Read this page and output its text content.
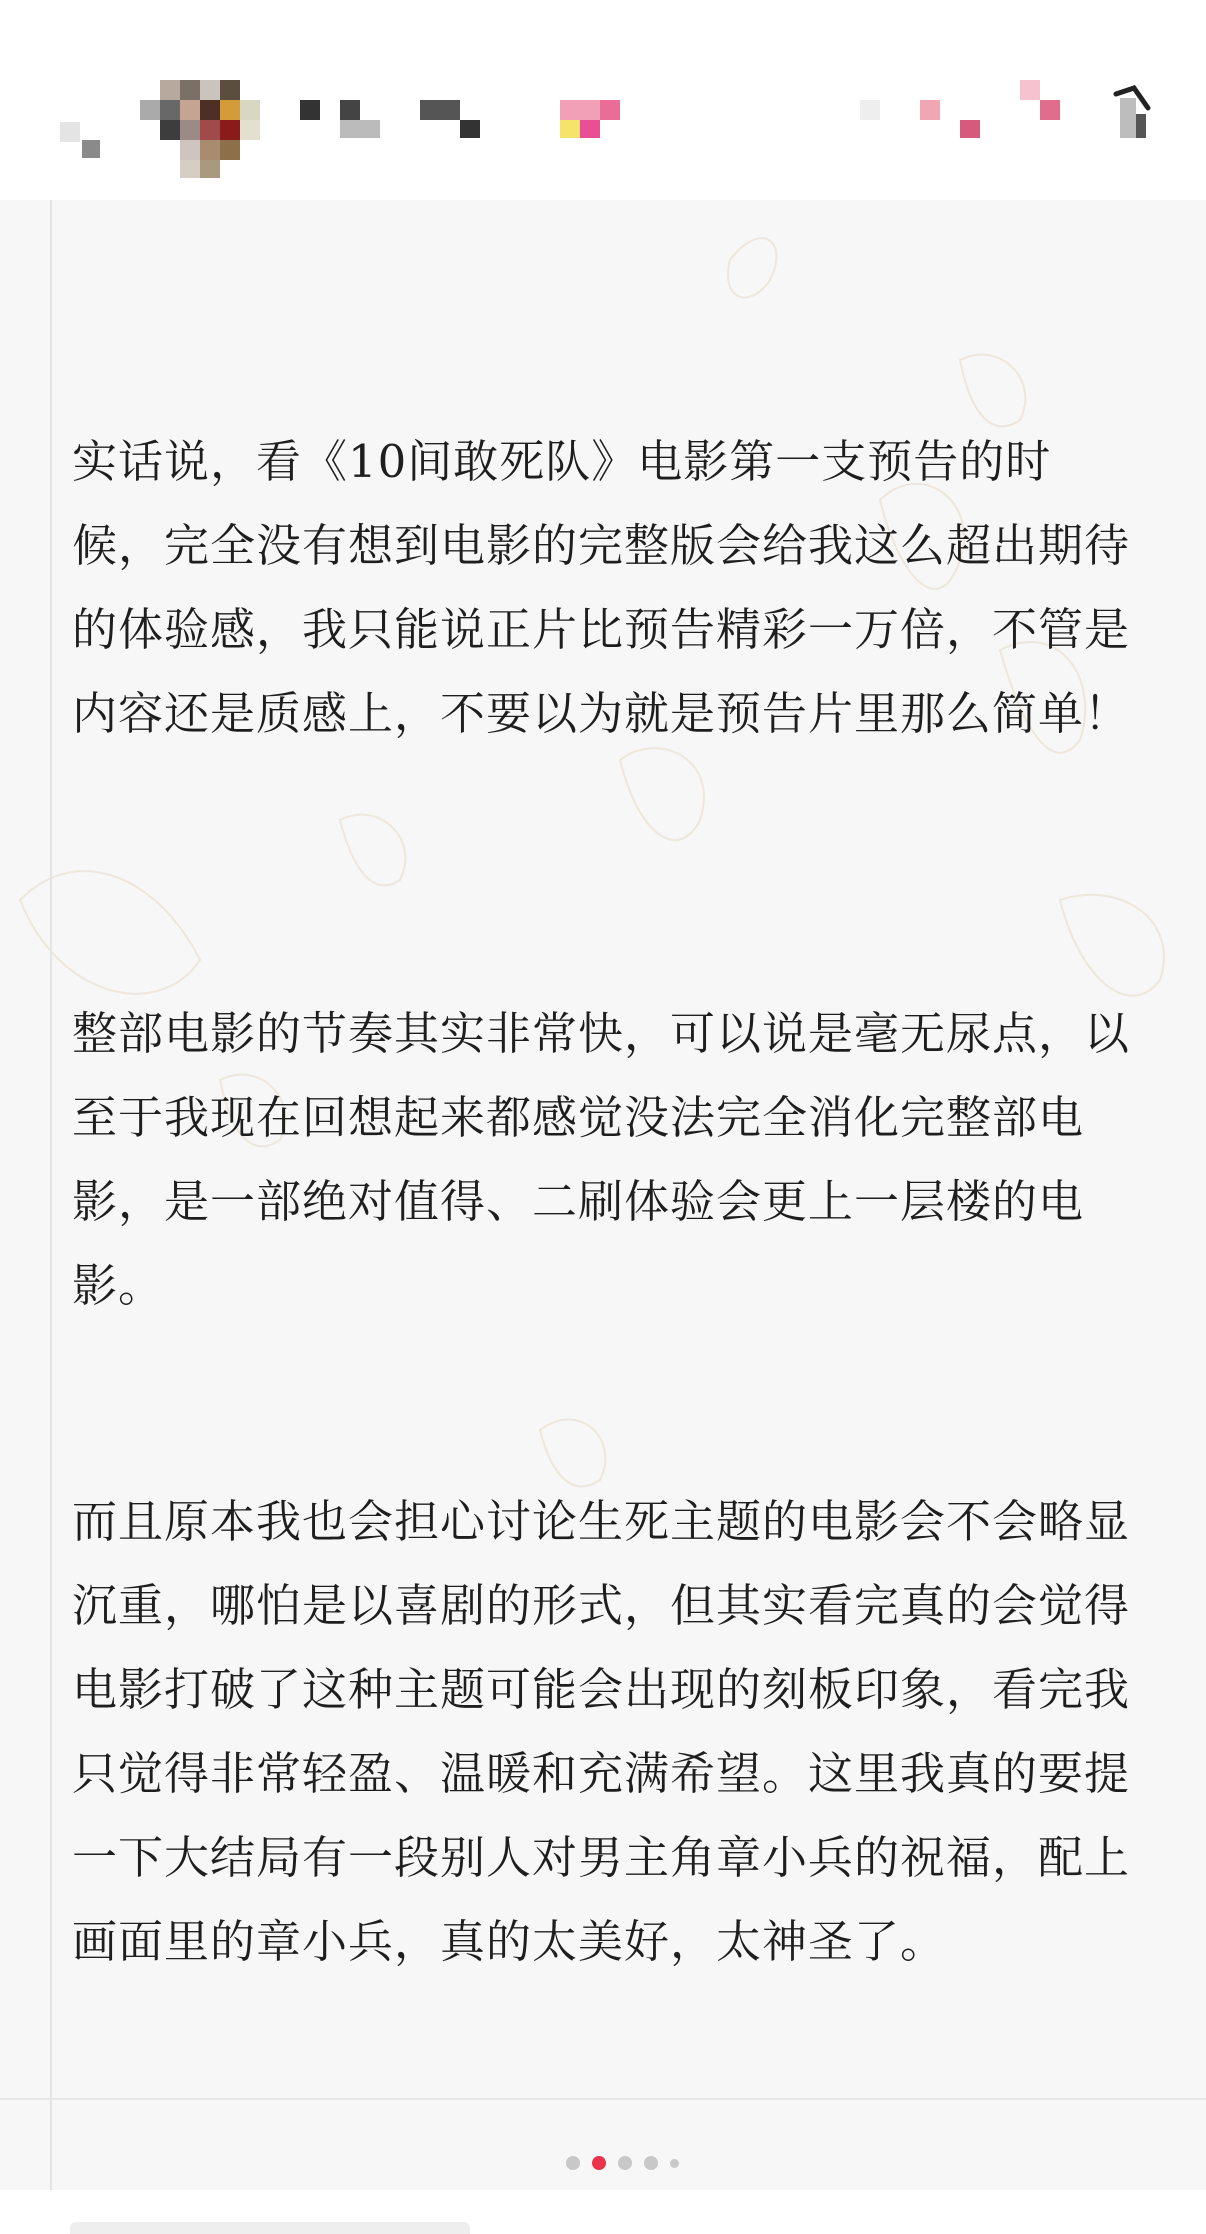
实话说，看《10间敢死队》电影第一支预告的时候，完全没有想到电影的完整版会给我这么超出期待的体验感，我只能说正片比预告精彩一万倍，不管是内容还是质感上，不要以为就是预告片里那么简单！

整部电影的节奏其实非常快，可以说是毫无尿点，以至于我现在回想起来都感觉没法完全消化完整部电影，是一部绝对值得、二刷体验会更上一层楼的电影。

而且原本我也会担心讨论生死主题的电影会不会略显沉重，哪怕是以喜剧的形式，但其实看完真的会觉得电影打破了这种主题可能会出现的刻板印象，看完我只觉得非常轻盈、温暖和充满希望。这里我真的要提一下大结局有一段别人对男主角章小兵的祝福，配上画面里的章小兵，真的太美好，太神圣了。
